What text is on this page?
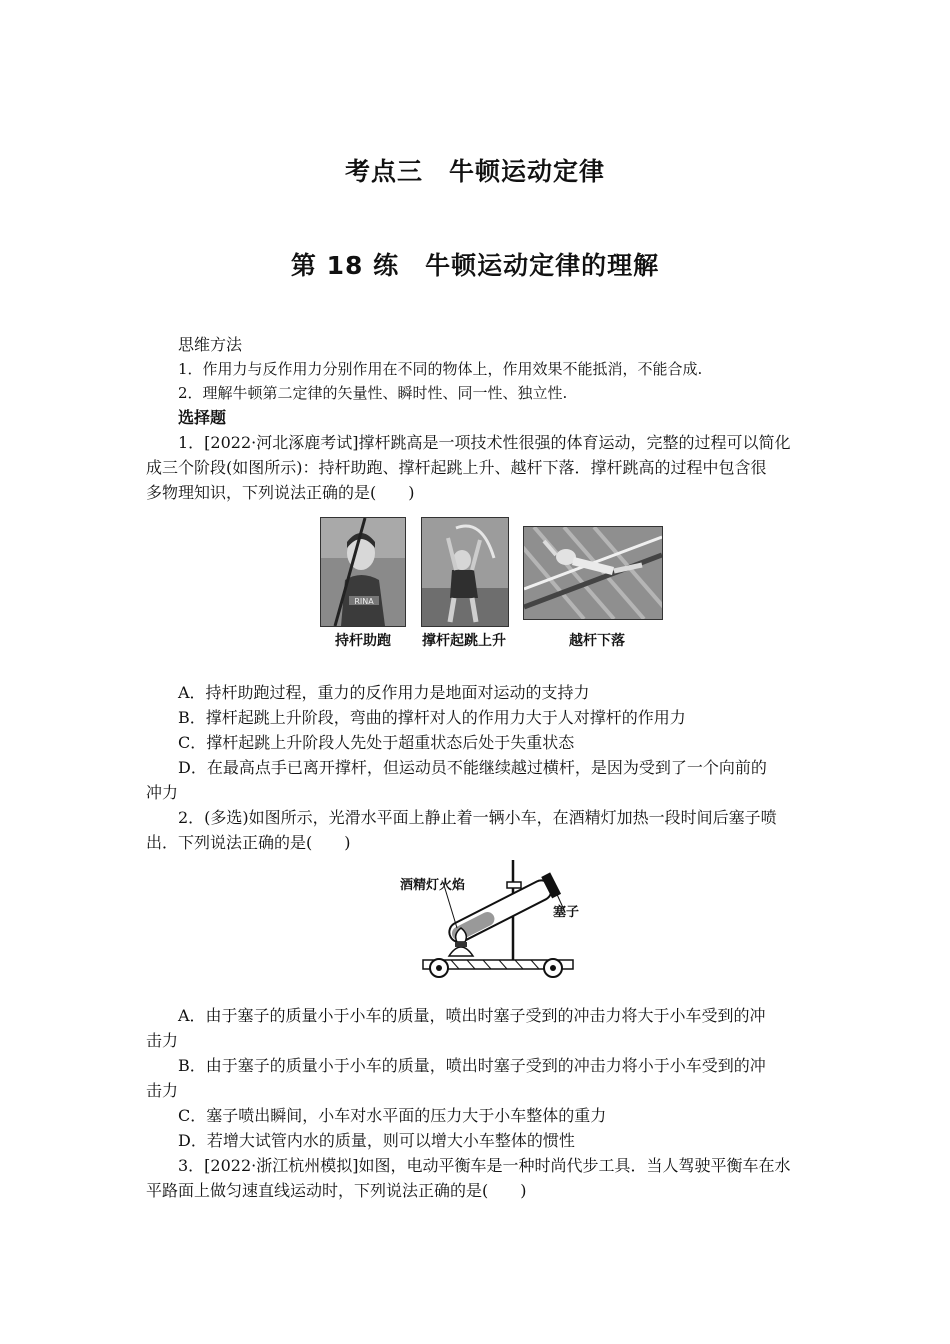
考点三　牛顿运动定律
第 18 练　牛顿运动定律的理解
思维方法
1．作用力与反作用力分别作用在不同的物体上，作用效果不能抵消，不能合成.
2．理解牛顿第二定律的矢量性、瞬时性、同一性、独立性.
选择题
1．[2022·河北涿鹿考试]撑杆跳高是一项技术性很强的体育运动，完整的过程可以简化
成三个阶段(如图所示)：持杆助跑、撑杆起跳上升、越杆下落．撑杆跳高的过程中包含很
多物理知识，下列说法正确的是(　　)
RINA
持杆助跑	撑杆起跳上升	越杆下落
A．持杆助跑过程，重力的反作用力是地面对运动的支持力
B．撑杆起跳上升阶段，弯曲的撑杆对人的作用力大于人对撑杆的作用力
C．撑杆起跳上升阶段人先处于超重状态后处于失重状态
D．在最高点手已离开撑杆，但运动员不能继续越过横杆，是因为受到了一个向前的
冲力
2．(多选)如图所示，光滑水平面上静止着一辆小车，在酒精灯加热一段时间后塞子喷
出．下列说法正确的是(　　)
酒精灯火焰
塞子
A．由于塞子的质量小于小车的质量，喷出时塞子受到的冲击力将大于小车受到的冲
击力
B．由于塞子的质量小于小车的质量，喷出时塞子受到的冲击力将小于小车受到的冲
击力
C．塞子喷出瞬间，小车对水平面的压力大于小车整体的重力
D．若增大试管内水的质量，则可以增大小车整体的惯性
3．[2022·浙江杭州模拟]如图，电动平衡车是一种时尚代步工具．当人驾驶平衡车在水
平路面上做匀速直线运动时，下列说法正确的是(　　)
